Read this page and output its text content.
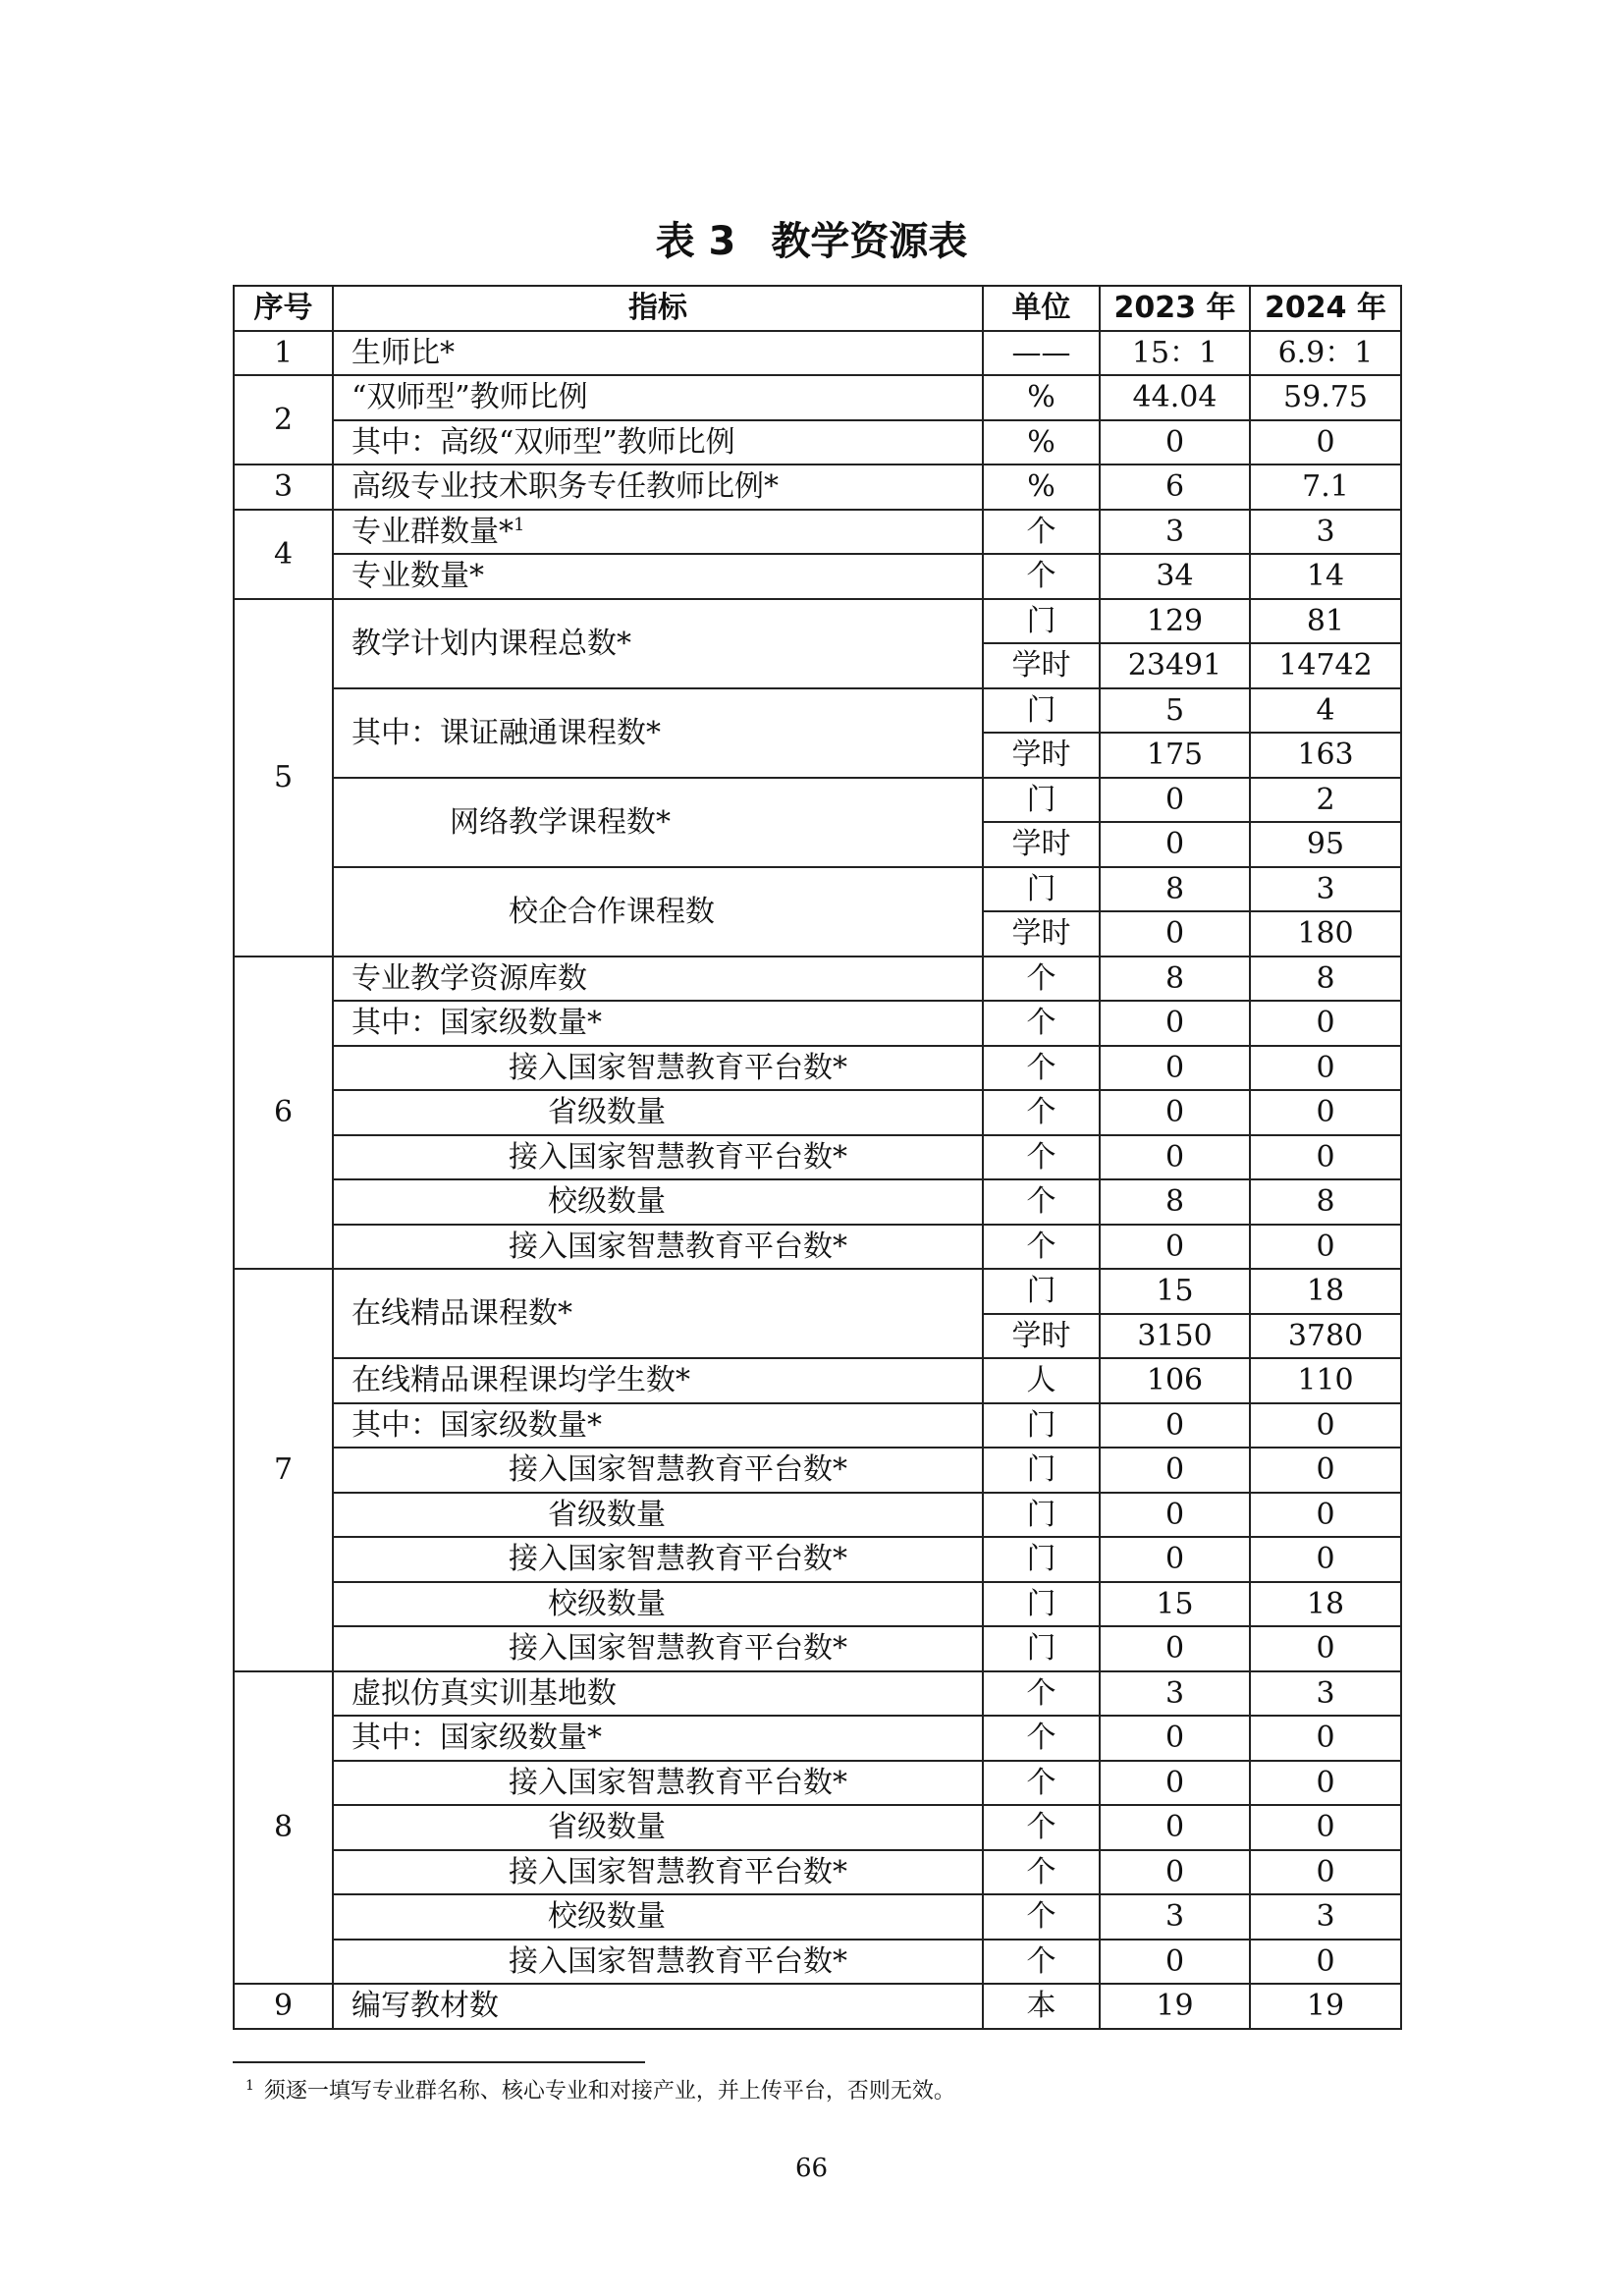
表 3 教学资源表
序号	指标	单位	2023 年	2024 年
1	生师比*	——	15：1	6.9：1
2	“双师型”教师比例	%	44.04	59.75
	其中：高级“双师型”教师比例	%	0	0
3	高级专业技术职务专任教师比例*	%	6	7.1
4	专业群数量*$^1$	个	3	3
	专业数量*	个	34	14
5	教学计划内课程总数*	门	129	81
		学时	23491	14742
	其中：课证融通课程数*	门	5	4
		学时	175	163
	网络教学课程数*	门	0	2
		学时	0	95
	校企合作课程数	门	8	3
		学时	0	180
6	专业教学资源库数	个	8	8
	其中：国家级数量*	个	0	0
	接入国家智慧教育平台数*	个	0	0
	省级数量	个	0	0
	接入国家智慧教育平台数*	个	0	0
	校级数量	个	8	8
	接入国家智慧教育平台数*	个	0	0
7	在线精品课程数*	门	15	18
		学时	3150	3780
	在线精品课程课均学生数*	人	106	110
	其中：国家级数量*	门	0	0
	接入国家智慧教育平台数*	门	0	0
	省级数量	门	0	0
	接入国家智慧教育平台数*	门	0	0
	校级数量	门	15	18
	接入国家智慧教育平台数*	门	0	0
8	虚拟仿真实训基地数	个	3	3
	其中：国家级数量*	个	0	0
	接入国家智慧教育平台数*	个	0	0
	省级数量	个	0	0
	接入国家智慧教育平台数*	个	0	0
	校级数量	个	3	3
	接入国家智慧教育平台数*	个	0	0
9	编写教材数	本	19	19
$^1$ 须逐一填写专业群名称、核心专业和对接产业，并上传平台，否则无效。
66
